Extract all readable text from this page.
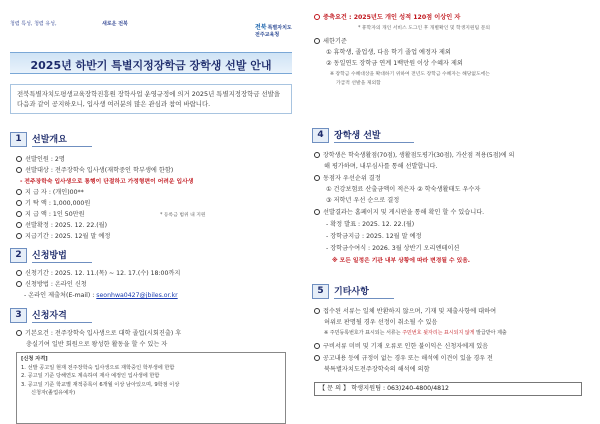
청렴 특성, 청렴 유성,	새로운 전북	전북특별자치도전주교육청
2025년 하반기 특별지정장학금 장학생 선발 안내
전북특별자치도평생교육장학진흥원 장학사업 운영규정에 의거 2025년 특별지정장학금 선발을 다음과 같이 공지하오니, 입사생 여러분의 많은 관심과 참여 바랍니다.
1	선발개요
선발인원 : 2명
선발대상 : 전주장학숙 입사생(재학중인 학부생에 한함)
- 전주장학숙 입사생으로 통행이 단절하고 가정형편이 어려운 입사생
지 급 자 : (개인)00**
기 탁 액 : 1,000,000원
지 급 액 : 1인 50만원	* 등록금 범위 내 지원
선발확정 : 2025. 12. 22.(월)
지급기간 : 2025. 12월 말 예정
2	신청방법
신청기간 : 2025. 12. 11.(목) ~ 12. 17.(수) 18:00까지
신청방법 : 온라인 신청
- 온라인 제출처(E-mail) : seonhwa0427@jbiles.or.kr
3	신청자격
기본요건 : 전주장학숙 입사생으로 대학 졸업(시회진출) 후
충실기여 일반 회원으로 왕성한 활동을 할 수 있는 자
[신청 자격]
1. 선발 공고일 현재 전주장학숙 입사생으로 재학중인 학부생에 한함
2. 공고일 기준 당해연도 계속하여 재사 예정인 입사생에 한함
3. 공고일 기준 학교별 재적증록이 6개월 이상 남아있으며, 9학점 이상
신청자(졸업유예자)
중축요건 : 2025년도 개인 성적 120점 이상인 자
* 휴학자의 개인 서비스 도그인 후 개별확인 및 학생지원팀 문의
세한기준
① 휴학생, 졸업생, 다음 학기 졸업 예정자 제외
② 동일연도 장학금 연계 1백만원 이상 수혜자 제외
※ 장학금 수혜대상을 확대하기 위하여 전년도 장학금 수혜자는 해당없도에는
가급적 선발을 제외함
4	장학생 선발
장학생은 학숙생활점(70점), 생활점도평가(30점), 가산점 적용(5점)에 의
해 평가하며, 내부심사를 통해 선발합니다.
동점자 우선순위 결정
① 건강보험료 산출금액이 적은자 ② 학숙생활태도 우수자
③ 저학년 우선 순으로 결정
선발결과는 홈페이지 및 게시판을 통해 확인 할 수 있습니다.
- 확정 발표 : 2025. 12. 22.(월)
- 장학금지급 : 2025. 12월 말 예정
- 장학금수여식 : 2026. 3월 상반기 오리엔테이션
※ 모든 일정은 기관 내부 상황에 따라 변경될 수 있음.
5	기타사항
접수된 서류는 일체 반환하지 않으며, 기재 및 제출사항에 대하여
허위로 판명될 경우 선정이 취소될 수 있음
※ 주민등록번호가 표시되는 서류는 주민번호 뒷자리는 표시되지 않게 발급받아 제출
구비서류 미비 및 기재 오류로 인한 불이익은 신청자에게 있음
공고내용 등에 규정이 없는 경우 또는 해석에 이견이 있을 경우 전
북특별자치도전주장학숙의 해석에 의함
【 문 의 】 학생지원팀 : 063)240-4800/4812
